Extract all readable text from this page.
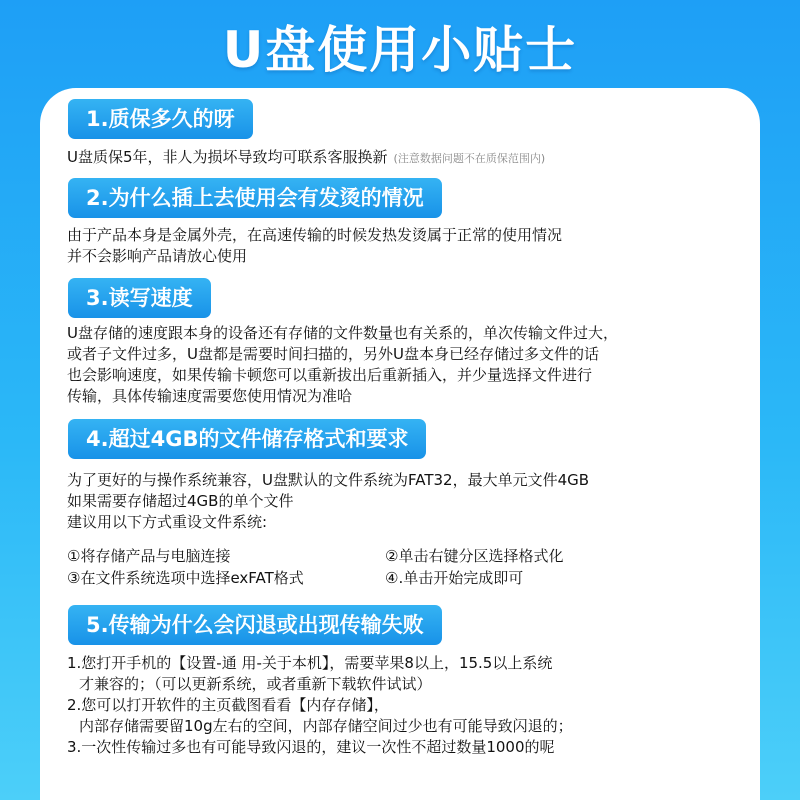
U盘使用小贴士
1.质保多久的呀
U盘质保5年，非人为损坏导致均可联系客服换新 (注意数据问题不在质保范围内)
2.为什么插上去使用会有发烫的情况
由于产品本身是金属外壳，在高速传输的时候发热发烫属于正常的使用情况
并不会影响产品请放心使用
3.读写速度
U盘存储的速度跟本身的设备还有存储的文件数量也有关系的，单次传输文件过大，
或者子文件过多，U盘都是需要时间扫描的，另外U盘本身已经存储过多文件的话
也会影响速度，如果传输卡顿您可以重新拔出后重新插入，并少量选择文件进行
传输，具体传输速度需要您使用情况为准哈
4.超过4GB的文件储存格式和要求
为了更好的与操作系统兼容，U盘默认的文件系统为FAT32，最大单元文件4GB
如果需要存储超过4GB的单个文件
建议用以下方式重设文件系统:
①将存储产品与电脑连接	②单击右键分区选择格式化
③在文件系统选项中选择exFAT格式	④.单击开始完成即可
5.传输为什么会闪退或出现传输失败
1.您打开手机的【设置-通 用-关于本机】，需要苹果8以上，15.5以上系统
才兼容的；（可以更新系统，或者重新下载软件试试）
2.您可以打开软件的主页截图看看【内存存储】，
内部存储需要留10g左右的空间，内部存储空间过少也有可能导致闪退的；
3.一次性传输过多也有可能导致闪退的，建议一次性不超过数量1000的呢
